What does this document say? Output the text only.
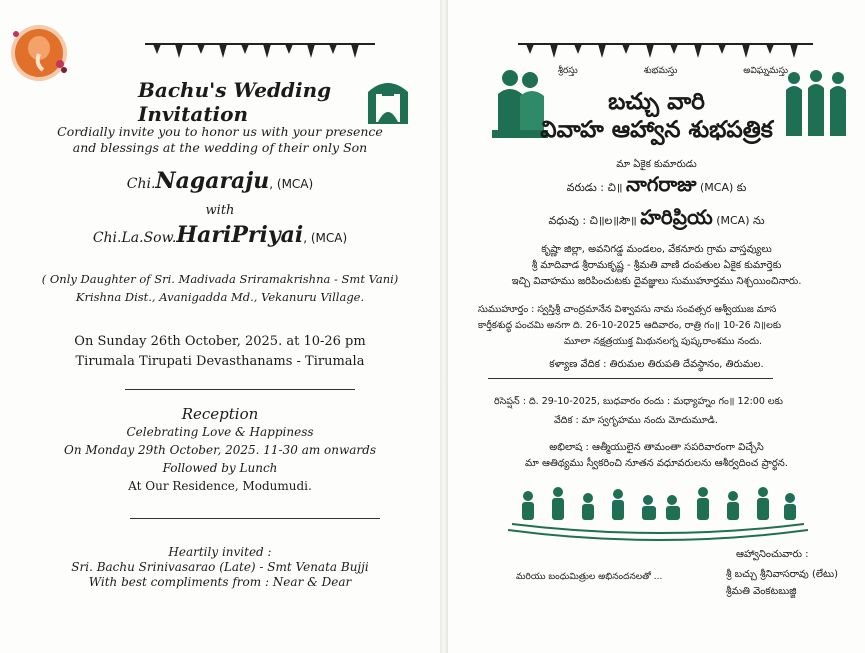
Bachu's Wedding Invitation
Cordially invite you to honor us with your presence
and blessings at the wedding of their only Son
Chi.Nagaraju, (MCA)
with
Chi.La.Sow.HariPriyai, (MCA)
( Only Daughter of Sri. Madivada Sriramakrishna - Smt Vani)
Krishna Dist., Avanigadda Md., Vekanuru Village.
On Sunday 26th October, 2025. at 10-26 pm
Tirumala Tirupati Devasthanams - Tirumala
Reception
Celebrating Love & Happiness
On Monday 29th October, 2025. 11-30 am onwards
Followed by Lunch
At Our Residence, Modumudi.
Heartily invited :
Sri. Bachu Srinivasarao (Late) - Smt Venata Bujji
With best compliments from : Near & Dear
శ్రీరస్తు	శుభమస్తు	అవిఘ్నమస్తు
బచ్చు వారి
వివాహ ఆహ్వాన శుభపత్రిక
మా ఏకైక కుమారుడు
వరుడు : చి॥ నాగరాజు (MCA) కు
వధువు : చి॥ల॥సౌ॥ హరిప్రియ (MCA) ను
కృష్ణా జిల్లా, అవనిగడ్డ మండలం, వేకనూరు గ్రామ వాస్తవ్యులు
శ్రీ మాదివాడ శ్రీరామకృష్ణ - శ్రీమతి వాణి దంపతుల ఏకైక కుమార్తెకు
ఇచ్చి వివాహము జరిపించుటకు దైవజ్ఞులు సుముహూర్తము నిశ్చయించినారు.
సుముహూర్తం : స్వస్తిశ్రీ చాంద్రమానేన విశ్వావసు నామ సంవత్సర ఆశ్వీయుజ మాస
కార్తీకశుద్ధ పంచమి అనగా ది. 26-10-2025 ఆదివారం, రాత్రి గం॥ 10-26 ని॥లకు
మూలా నక్షత్రయుక్త మిథునలగ్న పుష్కరాంశము నందు.
కళ్యాణ వేదిక : తిరుమల తిరుపతి దేవస్థానం, తిరుమల.
రిసెప్షన్ : ది. 29-10-2025, బుధవారం రందు : మధ్యాహ్నం గం॥ 12:00 లకు
వేదిక : మా స్వగృహము నందు మోదుమూడి.
అభిలాష : ఆత్మీయులైన తామంతా సపరివారంగా విచ్చేసి
మా ఆతిథ్యము స్వీకరించి నూతన వధూవరులను ఆశీర్వదించ ప్రార్థన.
ఆహ్వానించువారు :
మరియు బంధుమిత్రుల అభినందనలతో ...	శ్రీ బచ్చు శ్రీనివాసరావు (లేటు)
శ్రీమతి వెంకటబుజ్జి
